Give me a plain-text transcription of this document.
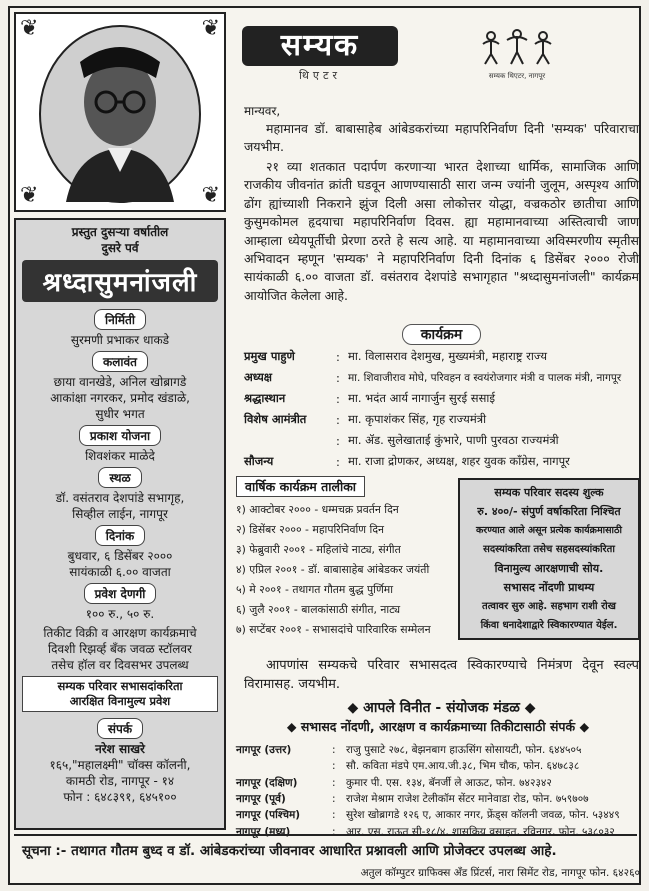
❦	❦
❦	❦
प्रस्तुत दुसऱ्या वर्षातील
दुसरे पर्व
श्रध्दासुमनांजली
निर्मिती
सुरमणी प्रभाकर धाकडे
कलावंत
छाया वानखेडे, अनिल खोब्रागडे
आकांक्षा नगरकर, प्रमोद खंडाळे,
सुधीर भगत
प्रकाश योजना
शिवशंकर माळेदे
स्थळ
डॉ. वसंतराव देशपांडे सभागृह,
सिव्हील लाईन, नागपूर
दिनांक
बुधवार, ६ डिसेंबर २०००
सायंकाळी ६.०० वाजता
प्रवेश देणगी
१०० रु., ५० रु.
तिकीट विक्री व आरक्षण कार्यक्रमाचे
दिवशी रिझर्व्ह बँक जवळ स्टॉलवर
तसेच हॉल वर दिवसभर उपलब्ध
सम्यक परिवार सभासदांकरिता
आरक्षित विनामुल्य प्रवेश
संपर्क
नरेश साखरे
१६५,"महालक्ष्मी" चॉक्स कॉलनी,
कामठी रोड, नागपूर - १४
फोन : ६४८३९१, ६४५१००
सम्यक
थिएटर	सम्यक थिएटर, नागपूर
मान्यवर,
महामानव डॉ. बाबासाहेब आंबेडकरांच्या महापरिनिर्वाण दिनी 'सम्यक' परिवाराचा जयभीम.
२१ व्या शतकात पदार्पण करणाऱ्या भारत देशाच्या धार्मिक, सामाजिक आणि राजकीय जीवनांत क्रांती घडवून आणण्यासाठी सारा जन्म ज्यांनी जुलूम, अस्पृश्य आणि ढोंग ह्यांच्याशी निकराने झुंज दिली असा लोकोत्तर योद्धा, वज्रकठोर छातीचा आणि कुसुमकोमल हृदयाचा महापरिनिर्वाण दिवस. ह्या महामानवाच्या अस्तित्वाची जाण आम्हाला ध्येयपूर्तीची प्रेरणा ठरते हे सत्य आहे. या महामानवाच्या अविस्मरणीय स्मृतीस अभिवादन म्हणून 'सम्यक' ने महापरिनिर्वाण दिनी दिनांक ६ डिसेंबर २००० रोजी सायंकाळी ६.०० वाजता डॉ. वसंतराव देशपांडे सभागृहात "श्रध्दासुमनांजली" कार्यक्रम आयोजित केलेला आहे.
कार्यक्रम
प्रमुख पाहुणे	: मा. विलासराव देशमुख, मुख्यमंत्री, महाराष्ट्र राज्य
अध्यक्ष	: मा. शिवाजीराव मोघे, परिवहन व स्वयंरोजगार मंत्री व पालक मंत्री, नागपूर
श्रद्धास्थान	: मा. भदंत आर्य नागार्जुन सुरई ससाई
विशेष आमंत्रीत	: मा. कृपाशंकर सिंह, गृह राज्यमंत्री
: मा. ॲड. सुलेखाताई कुंभारे, पाणी पुरवठा राज्यमंत्री
सौजन्य	: मा. राजा द्रोणकर, अध्यक्ष, शहर युवक काँग्रेस, नागपूर
वार्षिक कार्यक्रम तालीका
१) आक्टोबर २००० - धम्मचक्र प्रवर्तन दिन
२) डिसेंबर २००० - महापरिनिर्वाण दिन
३) फेब्रुवारी २००१ - महिलांचे नाट्य, संगीत
४) एप्रिल २००१ - डॉ. बाबासाहेब आंबेडकर जयंती
५) मे २००१ - तथागत गौतम बुद्ध पुर्णिमा
६) जुलै २००१ - बालकांसाठी संगीत, नाट्य
७) सप्टेंबर २००१ - सभासदांचे पारिवारिक सम्मेलन
सम्यक परिवार सदस्य शुल्क
रु. ४००/- संपुर्ण वर्षाकरिता निश्चित
करण्यात आले असून प्रत्येक कार्यक्रमासाठी
सदस्यांकरिता तसेच सहसदस्यांकरिता
विनामुल्य आरक्षणाची सोय.
सभासद नोंदणी प्राथम्य
तत्वावर सुरु आहे. सहभाग राशी रोख
किंवा धनादेशाद्वारे स्विकारण्यात येईल.
आपणांस सम्यकचे परिवार सभासदत्व स्विकारण्याचे निमंत्रण देवून स्वल्प विरामासह. जयभीम.
◆ आपले विनीत - संयोजक मंडळ ◆
◆ सभासद नोंदणी, आरक्षण व कार्यक्रमाच्या तिकीटासाठी संपर्क ◆
नागपूर (उत्तर)	: राजु पुसाटे २७८, बेझनबाग हाऊसिंग सोसायटी, फोन. ६४४५०५
: सौ. कविता मंडपे एम.आय.जी.३८, भिम चौक, फोन. ६४७८३८
नागपूर (दक्षिण)	: कुमार पी. एस. १३४, बॅनर्जी ले आऊट, फोन. ७४२३४२
नागपूर (पूर्व)	: राजेश मेश्राम राजेश टेलीकॉम सेंटर मानेवाडा रोड, फोन. ७५९७०७
नागपूर (पश्चिम)	: सुरेश खोब्रागडे १२६ ए, आकार नगर, फ्रेंड्स कॉलनी जवळ, फोन. ५३४४९
नागपूर (मध्य)	: आर. एस. राऊत सी-१८/४, शासकिय वसाहत, रविनगर, फोन. ५३८०३२
सूचना :- तथागत गौतम बुध्द व डॉ. आंबेडकरांच्या जीवनावर आधारित प्रश्नावली आणि प्रोजेक्टर उपलब्ध आहे.
अतुल कॉम्पुटर ग्राफिक्स ॲंड प्रिंटर्स, नारा सिमेंट रोड, नागपूर फोन. ६४२६०
